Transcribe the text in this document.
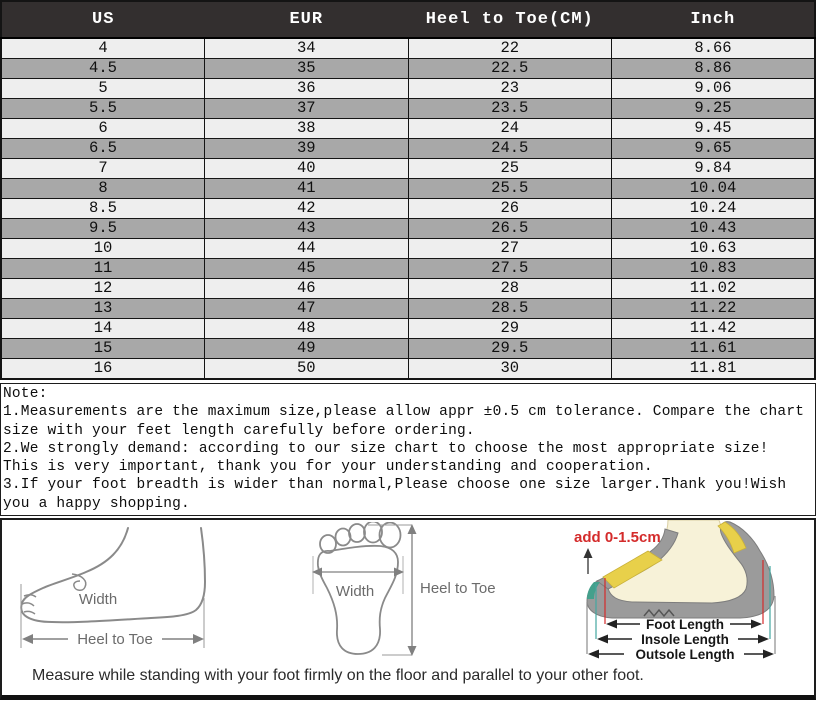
US	EUR	Heel to Toe(CM)	Inch
4	34	22	8.66
4.5	35	22.5	8.86
5	36	23	9.06
5.5	37	23.5	9.25
6	38	24	9.45
6.5	39	24.5	9.65
7	40	25	9.84
8	41	25.5	10.04
8.5	42	26	10.24
9.5	43	26.5	10.43
10	44	27	10.63
11	45	27.5	10.83
12	46	28	11.02
13	47	28.5	11.22
14	48	29	11.42
15	49	29.5	11.61
16	50	30	11.81
Note:
1.Measurements are the maximum size,please allow appr ±0.5 cm tolerance. Compare the chart size with your feet length carefully before ordering.
2.We strongly demand: according to our size chart to choose the most appropriate size! This is very important, thank you for your understanding and cooperation.
3.If your foot breadth is wider than normal,Please choose one size larger.Thank you!Wish you a happy shopping.
Width
Heel to Toe
Width	Heel to Toe
add 0-1.5cm
Foot Length
Insole Length
Outsole Length
Measure while standing with your foot firmly on the floor and parallel to your other foot.
